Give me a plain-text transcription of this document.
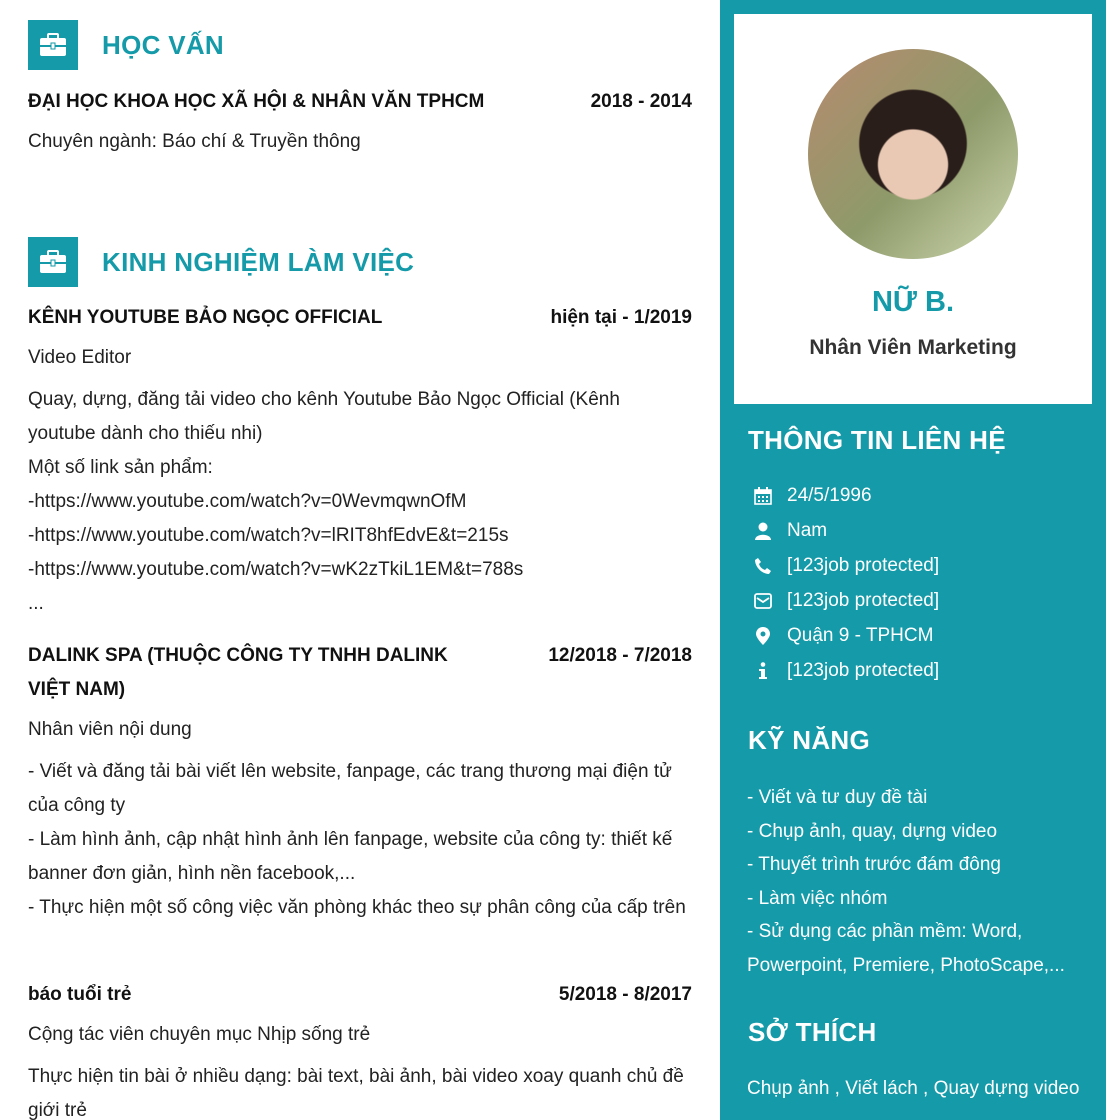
HỌC VẤN
ĐẠI HỌC KHOA HỌC XÃ HỘI & NHÂN VĂN TPHCM	2018 - 2014
Chuyên ngành: Báo chí & Truyền thông
KINH NGHIỆM LÀM VIỆC
KÊNH YOUTUBE BẢO NGỌC OFFICIAL	hiện tại - 1/2019
Video Editor
Quay, dựng, đăng tải video cho kênh Youtube Bảo Ngọc Official (Kênh youtube dành cho thiếu nhi)
Một số link sản phẩm:
-https://www.youtube.com/watch?v=0WevmqwnOfM
-https://www.youtube.com/watch?v=lRIT8hfEdvE&t=215s
-https://www.youtube.com/watch?v=wK2zTkiL1EM&t=788s
...
DALINK SPA (THUỘC CÔNG TY TNHH DALINK VIỆT NAM)
12/2018 - 7/2018
Nhân viên nội dung
- Viết và đăng tải bài viết lên website, fanpage, các trang thương mại điện tử của công ty
- Làm hình ảnh, cập nhật hình ảnh lên fanpage, website của công ty: thiết kế banner đơn giản, hình nền facebook,...
- Thực hiện một số công việc văn phòng khác theo sự phân công của cấp trên
báo tuổi trẻ	5/2018 - 8/2017
Cộng tác viên chuyên mục Nhịp sống trẻ
Thực hiện tin bài ở nhiều dạng: bài text, bài ảnh, bài video xoay quanh chủ đề giới trẻ
NỮ B.
Nhân Viên Marketing
THÔNG TIN LIÊN HỆ
24/5/1996
Nam
[123job protected]
[123job protected]
Quận 9 - TPHCM
[123job protected]
KỸ NĂNG
- Viết và tư duy đề tài
- Chụp ảnh, quay, dựng video
- Thuyết trình trước đám đông
- Làm việc nhóm
- Sử dụng các phần mềm: Word, Powerpoint, Premiere, PhotoScape,...
SỞ THÍCH
Chụp ảnh , Viết lách , Quay dựng video
